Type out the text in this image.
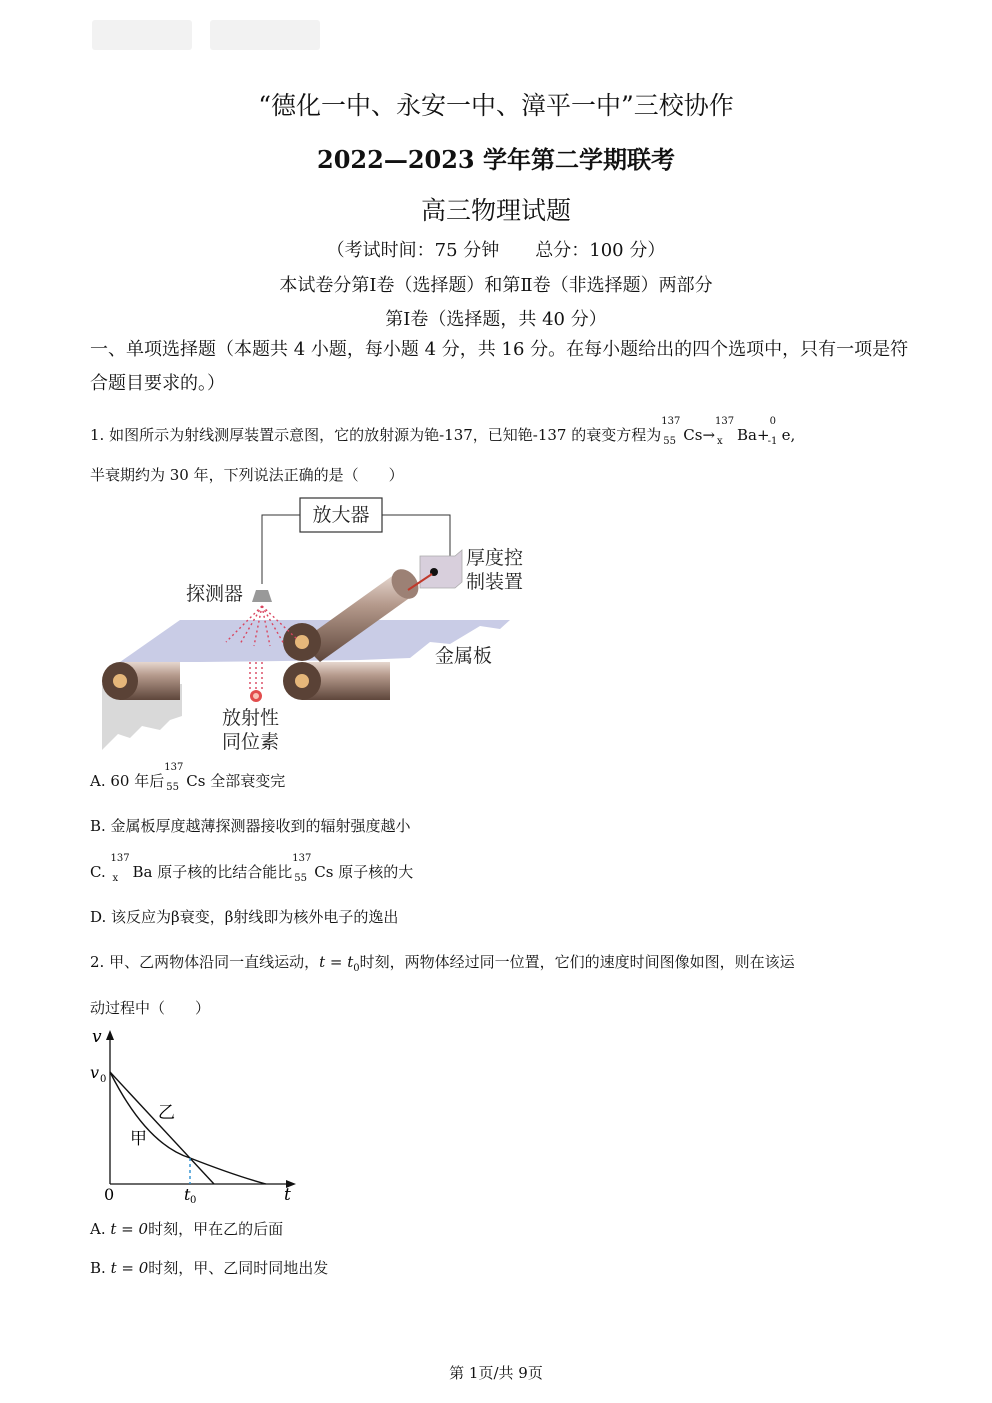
“德化一中、永安一中、漳平一中”三校协作
2022—2023 学年第二学期联考
高三物理试题
（考试时间：75 分钟　　总分：100 分）
本试卷分第Ⅰ卷（选择题）和第Ⅱ卷（非选择题）两部分
第Ⅰ卷（选择题，共 40 分）
一、单项选择题（本题共 4 小题，每小题 4 分，共 16 分。在每小题给出的四个选项中，只有一项是符合题目要求的。）
1. 如图所示为射线测厚装置示意图，它的放射源为铯-137，已知铯-137 的衰变方程为
137
55 Cs→
137
x Ba+
0
-1 e,
半衰期约为 30 年，下列说法正确的是（　　）
放大器
厚度控
制装置
探测器
金属板
放射性
同位素
A. 60 年后
137
55 Cs 全部衰变完
B. 金属板厚度越薄探测器接收到的辐射强度越小
C.
137
x Ba 原子核的比结合能比
137
55 Cs 原子核的大
D. 该反应为β衰变，β射线即为核外电子的逸出
2. 甲、乙两物体沿同一直线运动，$t = t_0$时刻，两物体经过同一位置，它们的速度时间图像如图，则在该运
动过程中（　　）
v
v 0
0	t 0	t
乙
甲
A. t = 0时刻，甲在乙的后面
B. t = 0时刻，甲、乙同时同地出发
第 1页/共 9页
